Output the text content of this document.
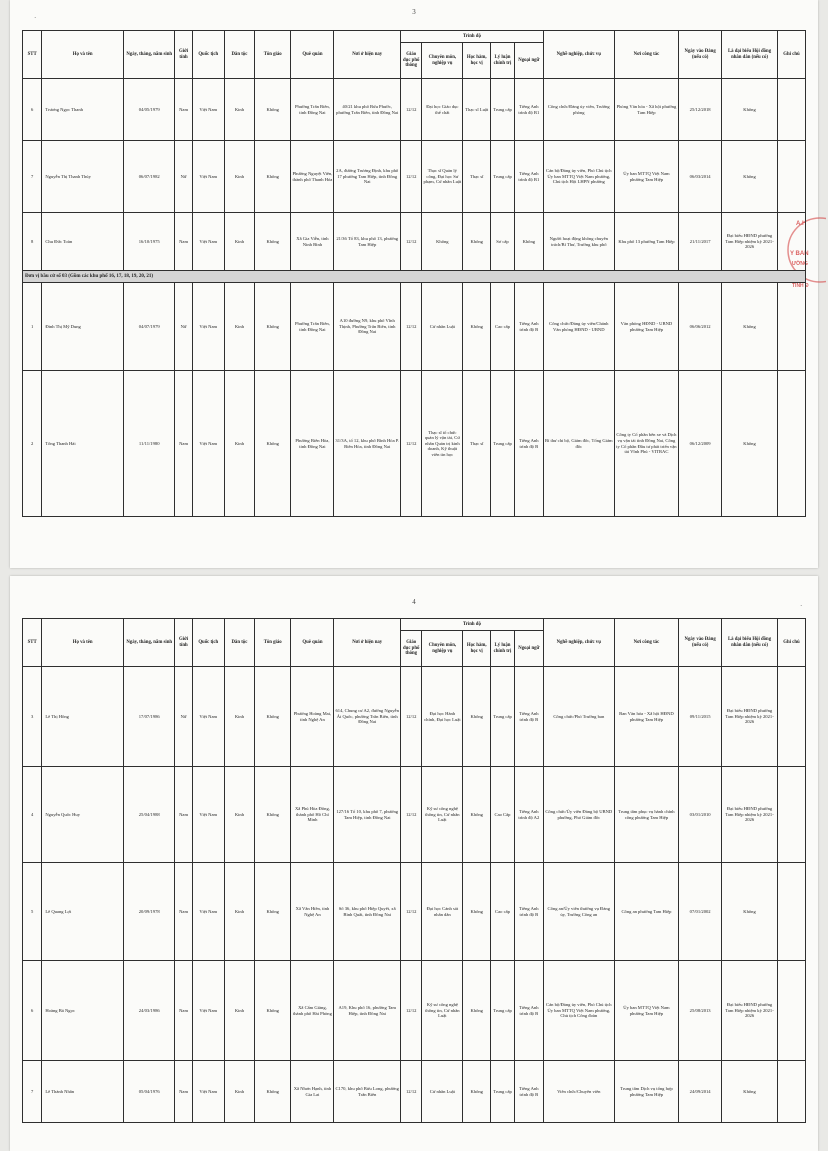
3
·
A.H
Y BAN
ƯỜNG
TỈNH Đ
STT	Họ và tên	Ngày, tháng, năm sinh	Giới tính	Quốc tịch	Dân tộc	Tôn giáo	Quê quán	Nơi ở hiện nay	Trình độ					Nghề nghiệp, chức vụ	Nơi công tác	Ngày vào Đảng (nếu có)	Là đại biểu Hội đồng nhân dân (nếu có)	Ghi chú
									Giáo dục phổ thông	Chuyên môn, nghiệp vụ	Học hàm, học vị	Lý luận chính trị	Ngoại ngữ					
6	Trương Ngọc Thanh	04/05/1979	Nam	Việt Nam	Kinh	Không	Phường Trấn Biên, tỉnh Đồng Nai	40/21 khu phố Bửu Phước, phường Trấn Biên, tỉnh Đồng Nai	12/12	Đại học Giáo dục thể chất	Thạc sĩ Luật	Trung cấp	Tiếng Anh trình độ B1	Công chức/Đảng ủy viên, Trưởng phòng	Phòng Văn hóa - Xã hội phường Tam Hiệp	25/12/2018	Không	
7	Nguyễn Thị Thanh Thúy	06/07/1982	Nữ	Việt Nam	Kinh	Không	Phường Nguyệt Viên, thành phố Thanh Hóa	2A, đường Trương Định, khu phố 17 phường Tam Hiệp, tỉnh Đồng Nai	12/12	Thạc sĩ Quản lý công, Đại học Sư phạm, Cử nhân Luật	Thạc sĩ	Trung cấp	Tiếng Anh trình độ B1	Cán bộ/Đảng ủy viên, Phó Chủ tịch Ủy ban MTTQ Việt Nam phường, Chủ tịch Hội LHPN phường	Ủy ban MTTQ Việt Nam phường Tam Hiệp	06/03/2014	Không	
8	Chu Đức Toàn	16/10/1975	Nam	Việt Nam	Kinh	Không	Xã Gia Viễn, tỉnh Ninh Bình	21/36 Tổ 83, khu phố 13, phường Tam Hiệp	12/12	Không	Không	Sơ cấp	Không	Người hoạt động không chuyên trách/Bí Thư, Trưởng khu phố	Khu phố 13 phường Tam Hiệp	21/11/2017	Đại biểu HĐND phường Tam Hiệp nhiệm kỳ 2021-2026	
Đơn vị bầu cử số 03 (Gồm các khu phố 16, 17, 18, 19, 20, 21)																		
1	Đinh Thị Mỹ Dung	04/07/1979	Nữ	Việt Nam	Kinh	Không	Phường Trấn Biên, tỉnh Đồng Nai	A10 đường N9, khu phố Vĩnh Thịnh, Phường Trấn Biên, tỉnh Đồng Nai	12/12	Cử nhân Luật	Không	Cao cấp	Tiếng Anh trình độ B	Công chức/Đảng ủy viên/Chánh Văn phòng HĐND - UBND	Văn phòng HĐND - UBND phường Tam Hiệp	06/06/2012	Không	
2	Tống Thanh Hải	11/11/1980	Nam	Việt Nam	Kinh	Không	Phường Biên Hòa, tỉnh Đồng Nai	31/3A, tổ 12, khu phố Bình Hòa P. Biên Hòa, tỉnh Đồng Nai	12/12	Thạc sĩ tổ chức quản lý vận tải, Cử nhân Quản trị kinh doanh, Kỹ thuật viên tin học	Thạc sĩ	Trung cấp	Tiếng Anh trình độ B	Bí thư chi bộ, Giám đốc, Tổng Giám đốc	Công ty Cổ phần bến xe và Dịch vụ vận tải tỉnh Đồng Nai, Công ty Cổ phần Đầu tư phát triển vận tải Vĩnh Phú - VITRAC	06/12/2009	Không	
4	·
STT	Họ và tên	Ngày, tháng, năm sinh	Giới tính	Quốc tịch	Dân tộc	Tôn giáo	Quê quán	Nơi ở hiện nay	Trình độ					Nghề nghiệp, chức vụ	Nơi công tác	Ngày vào Đảng (nếu có)	Là đại biểu Hội đồng nhân dân (nếu có)	Ghi chú
									Giáo dục phổ thông	Chuyên môn, nghiệp vụ	Học hàm, học vị	Lý luận chính trị	Ngoại ngữ					
3	Lê Thị Hồng	17/07/1986	Nữ	Việt Nam	Kinh	Không	Phường Hoàng Mai, tỉnh Nghệ An	614, Chung cư A2, đường Nguyễn Ái Quốc, phường Trấn Biên, tỉnh Đồng Nai	12/12	Đại học Hành chính, Đại học Luật	Không	Trung cấp	Tiếng Anh trình độ B	Công chức/Phó Trưởng ban	Ban Văn hóa - Xã hội HĐND phường Tam Hiệp	09/11/2015	Đại biểu HĐND phường Tam Hiệp nhiệm kỳ 2021-2026	
4	Nguyễn Quốc Huy	25/04/1988	Nam	Việt Nam	Kinh	Không	Xã Phú Hòa Đông, thành phố Hồ Chí Minh	127/16 Tổ 10, khu phố 7, phường Tam Hiệp, tỉnh Đồng Nai	12/12	Kỹ sư công nghệ thông tin, Cử nhân Luật	Không	Cao Cấp	Tiếng Anh trình độ A2	Công chức/Ủy viên Đảng bộ UBND phường, Phó Giám đốc	Trung tâm phục vụ hành chính công phường Tam Hiệp	03/01/2010	Đại biểu HĐND phường Tam Hiệp nhiệm kỳ 2021-2026	
5	Lê Quang Lợi	20/09/1978	Nam	Việt Nam	Kinh	Không	Xã Vân Hiền, tỉnh Nghệ An	Số 36, khu phố Hiệp Quyết, xã Bình Quất, tỉnh Đồng Nai	12/12	Đại học Cảnh sát nhân dân	Không	Cao cấp	Tiếng Anh trình độ B	Công an/Ủy viên thường vụ Đảng ủy, Trưởng Công an	Công an phường Tam Hiệp	07/01/2002	Không	
6	Hoàng Bá Ngọc	24/03/1986	Nam	Việt Nam	Kinh	Không	Xã Cẩm Giàng, thành phố Hải Phòng	A19, Khu phố 16, phường Tam Hiệp, tỉnh Đồng Nai	12/12	Kỹ sư công nghệ thông tin, Cử nhân Luật	Không	Trung cấp	Tiếng Anh trình độ B	Cán bộ/Đảng ủy viên, Phó Chủ tịch Ủy ban MTTQ Việt Nam phường, Chủ tịch Công đoàn	Ủy ban MTTQ Việt Nam phường Tam Hiệp	25/08/2013	Đại biểu HĐND phường Tam Hiệp nhiệm kỳ 2021-2026	
7	Lê Thành Nhân	05/04/1976	Nam	Việt Nam	Kinh	Không	Xã Nhơn Hạnh, tỉnh Gia Lai	C170, khu phố Bửu Long, phường Trấn Biên	12/12	Cử nhân Luật	Không	Trung cấp	Tiếng Anh trình độ B	Viên chức/Chuyên viên	Trung tâm Dịch vụ tổng hợp phường Tam Hiệp	24/09/2014	Không	
